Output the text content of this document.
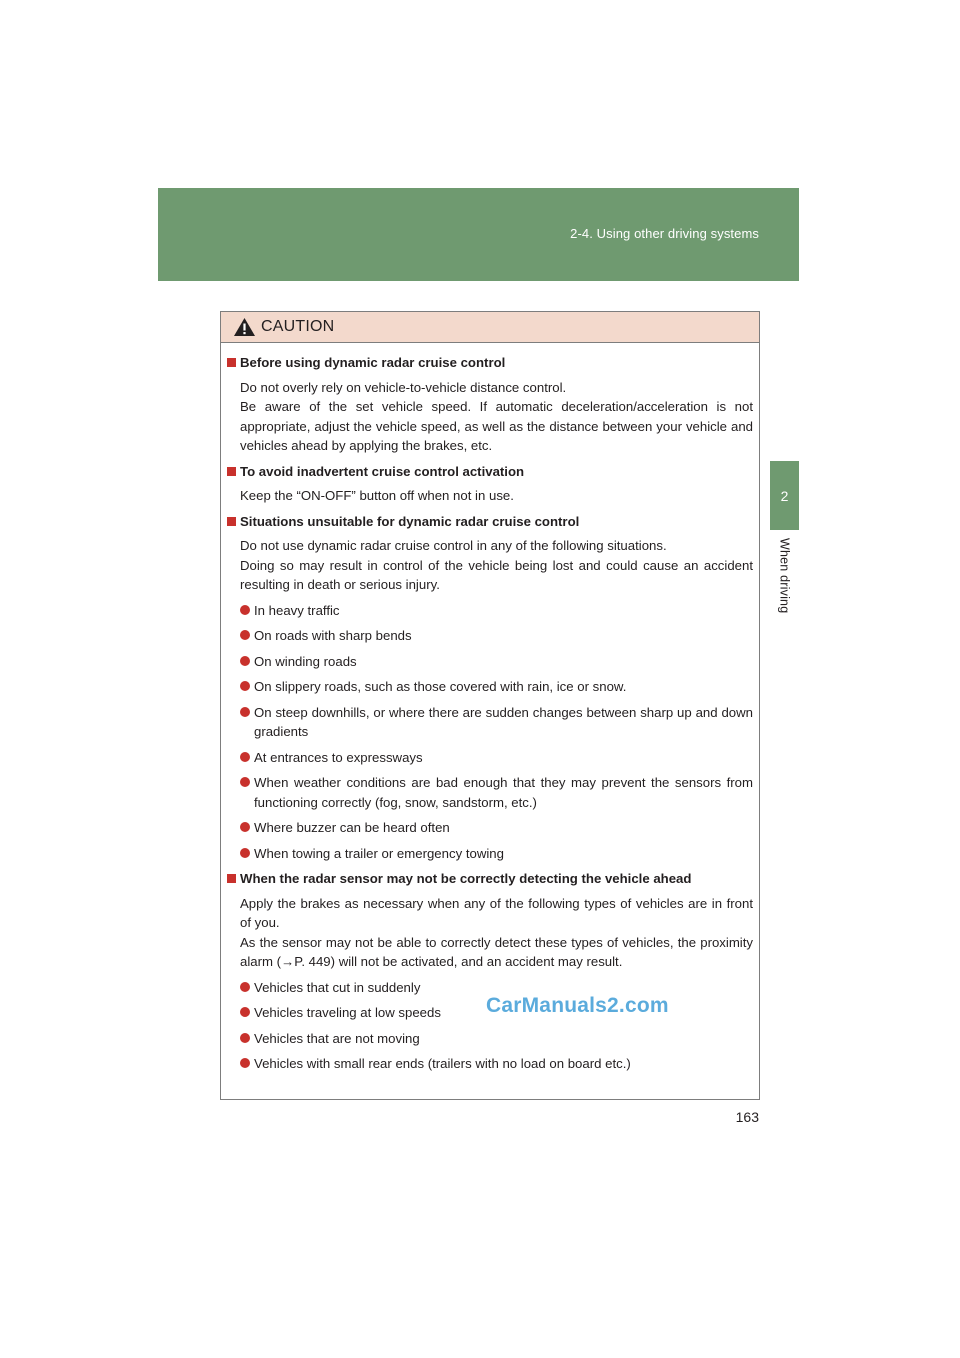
2-4. Using other driving systems
2
When driving
CAUTION
Before using dynamic radar cruise control

Do not overly rely on vehicle-to-vehicle distance control.

Be aware of the set vehicle speed. If automatic deceleration/acceleration is not appropriate, adjust the vehicle speed, as well as the distance between your vehicle and vehicles ahead by applying the brakes, etc.

To avoid inadvertent cruise control activation

Keep the “ON-OFF” button off when not in use.

Situations unsuitable for dynamic radar cruise control

Do not use dynamic radar cruise control in any of the following situations.

Doing so may result in control of the vehicle being lost and could cause an accident resulting in death or serious injury.

In heavy traffic
On roads with sharp bends
On winding roads
On slippery roads, such as those covered with rain, ice or snow.
On steep downhills, or where there are sudden changes between sharp up and down gradients
At entrances to expressways
When weather conditions are bad enough that they may prevent the sensors from functioning correctly (fog, snow, sandstorm, etc.)
Where buzzer can be heard often
When towing a trailer or emergency towing
When the radar sensor may not be correctly detecting the vehicle ahead

Apply the brakes as necessary when any of the following types of vehicles are in front of you.

As the sensor may not be able to correctly detect these types of vehicles, the proximity alarm (→P. 449) will not be activated, and an accident may result.

Vehicles that cut in suddenly
Vehicles traveling at low speeds
Vehicles that are not moving
Vehicles with small rear ends (trailers with no load on board etc.)
163
CarManuals2.com
